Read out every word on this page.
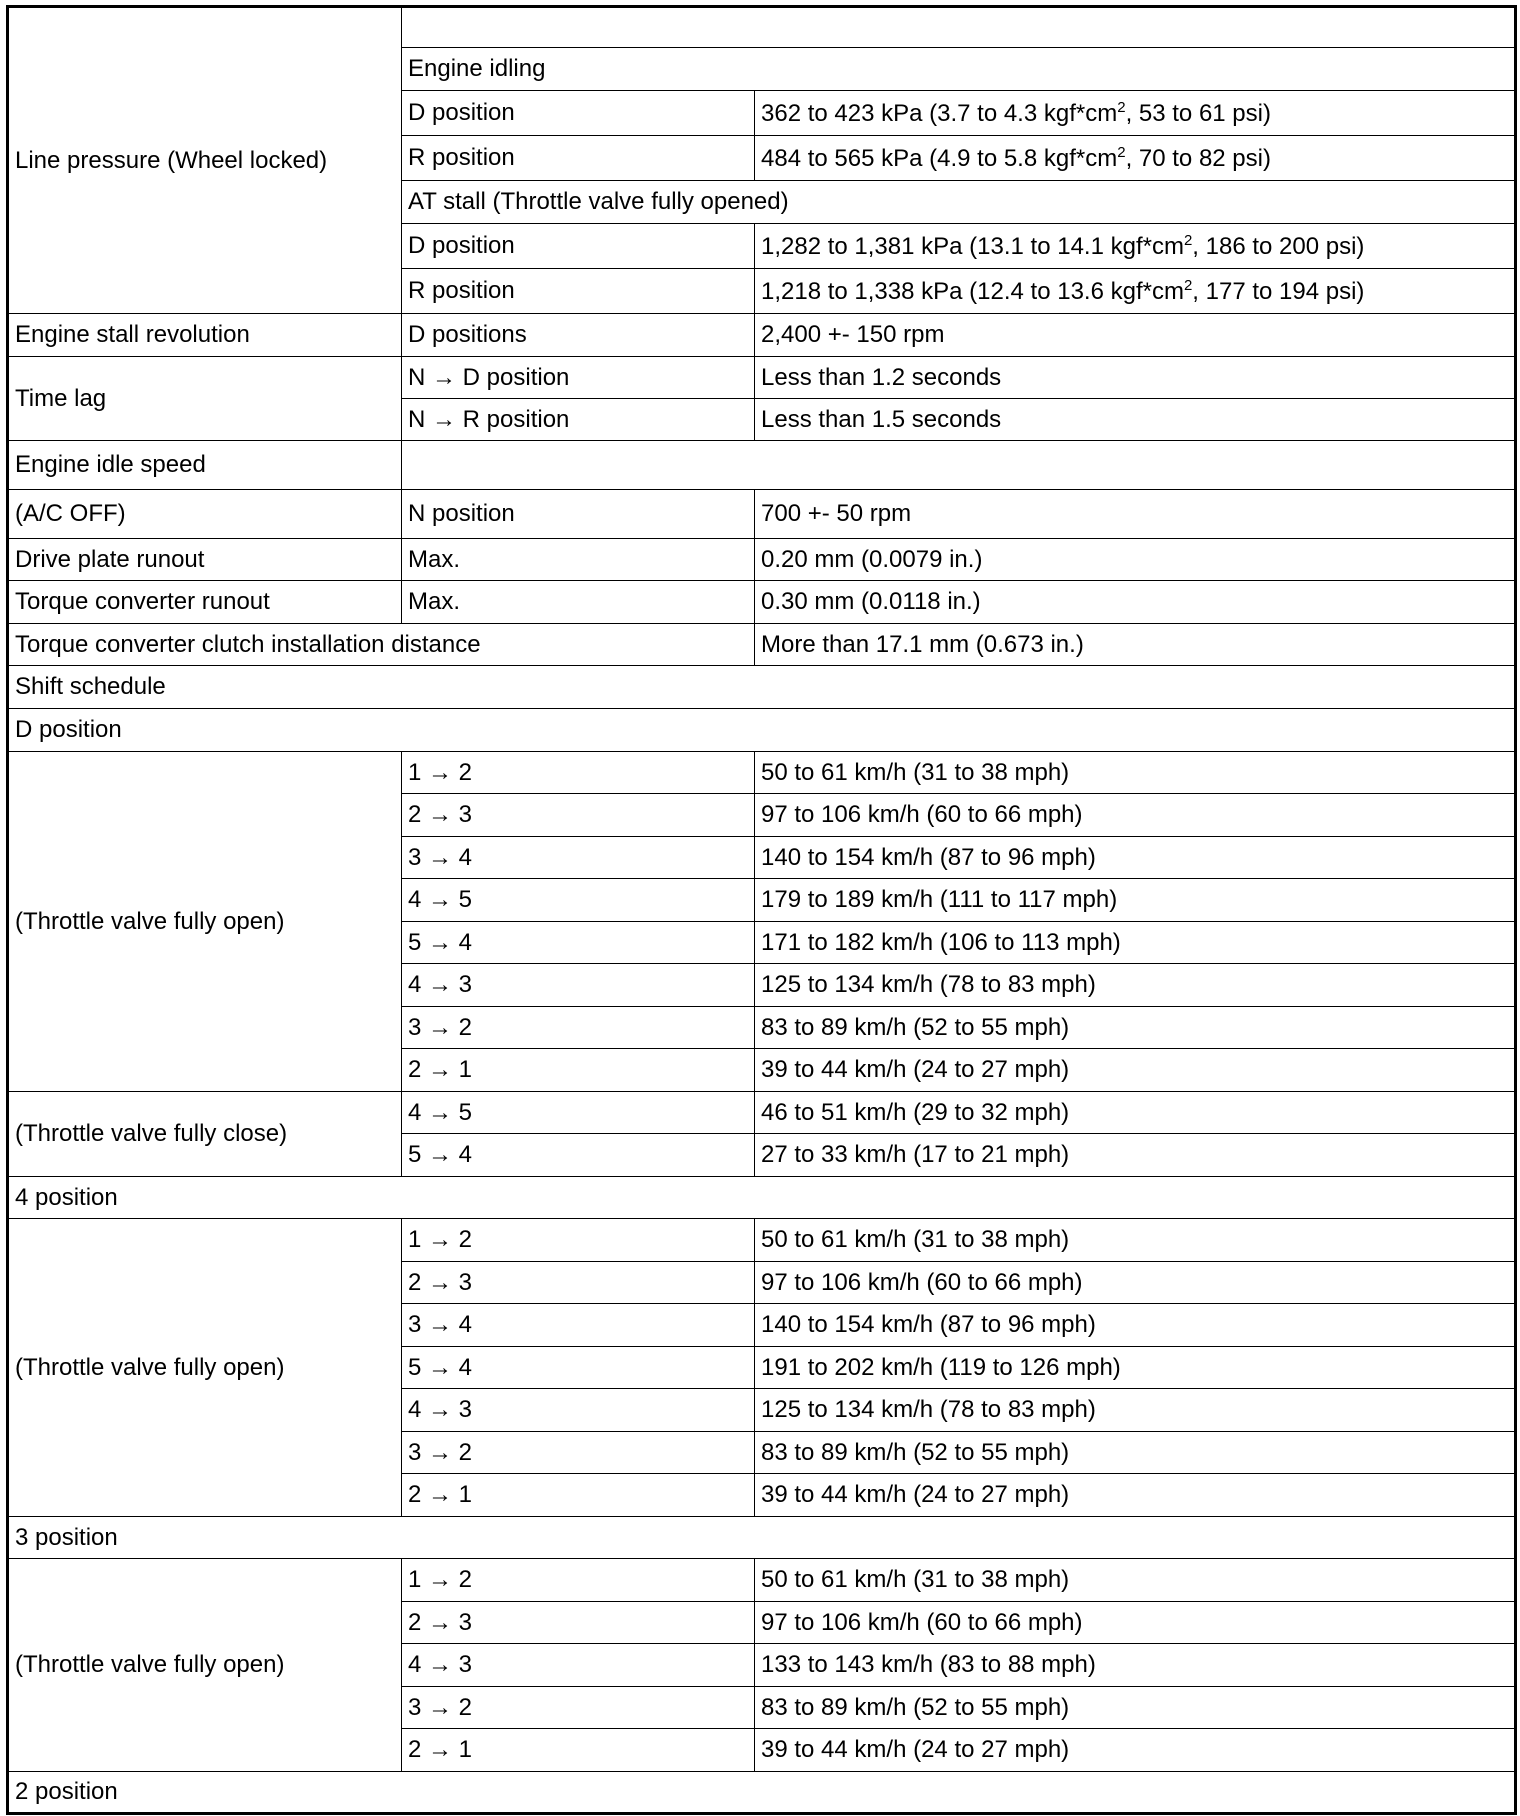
Line pressure (Wheel locked)		
	Engine idling	
	D position	362 to 423 kPa (3.7 to 4.3 $kgf*cm^2$, 53 to 61 psi)
	R position	484 to 565 kPa (4.9 to 5.8 $kgf*cm^2$, 70 to 82 psi)
	AT stall (Throttle valve fully opened)	
	D position	1,282 to 1,381 kPa (13.1 to 14.1 $kgf*cm^2$, 186 to 200 psi)
	R position	1,218 to 1,338 kPa (12.4 to 13.6 $kgf*cm^2$, 177 to 194 psi)
Engine stall revolution	D positions	2,400 +- 150 rpm
Time lag	N → D position	Less than 1.2 seconds
	N → R position	Less than 1.5 seconds
Engine idle speed		
(A/C OFF)	N position	700 +- 50 rpm
Drive plate runout	Max.	0.20 mm (0.0079 in.)
Torque converter runout	Max.	0.30 mm (0.0118 in.)
Torque converter clutch installation distance		More than 17.1 mm (0.673 in.)
Shift schedule		
D position		
(Throttle valve fully open)	1 → 2	50 to 61 km/h (31 to 38 mph)
	2 → 3	97 to 106 km/h (60 to 66 mph)
	3 → 4	140 to 154 km/h (87 to 96 mph)
	4 → 5	179 to 189 km/h (111 to 117 mph)
	5 → 4	171 to 182 km/h (106 to 113 mph)
	4 → 3	125 to 134 km/h (78 to 83 mph)
	3 → 2	83 to 89 km/h (52 to 55 mph)
	2 → 1	39 to 44 km/h (24 to 27 mph)
(Throttle valve fully close)	4 → 5	46 to 51 km/h (29 to 32 mph)
	5 → 4	27 to 33 km/h (17 to 21 mph)
4 position		
(Throttle valve fully open)	1 → 2	50 to 61 km/h (31 to 38 mph)
	2 → 3	97 to 106 km/h (60 to 66 mph)
	3 → 4	140 to 154 km/h (87 to 96 mph)
	5 → 4	191 to 202 km/h (119 to 126 mph)
	4 → 3	125 to 134 km/h (78 to 83 mph)
	3 → 2	83 to 89 km/h (52 to 55 mph)
	2 → 1	39 to 44 km/h (24 to 27 mph)
3 position		
(Throttle valve fully open)	1 → 2	50 to 61 km/h (31 to 38 mph)
	2 → 3	97 to 106 km/h (60 to 66 mph)
	4 → 3	133 to 143 km/h (83 to 88 mph)
	3 → 2	83 to 89 km/h (52 to 55 mph)
	2 → 1	39 to 44 km/h (24 to 27 mph)
2 position		
